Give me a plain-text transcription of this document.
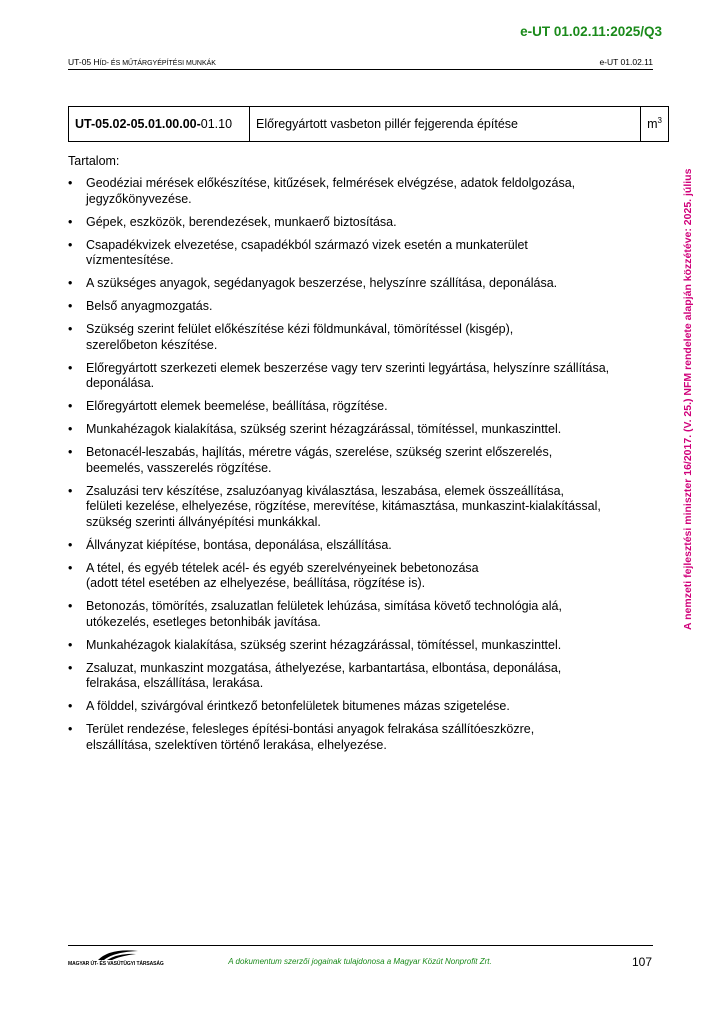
e-UT 01.02.11:2025/Q3
UT-05 HÍD- ÉS MŰTÁRGYÉPÍTÉSI MUNKÁK	e-UT 01.02.11
UT-05.02-05.01.00.00-01.10	Előregyártott vasbeton pillér fejgerenda építése	$m^3$
A nemzeti fejlesztési miniszter 16/2017. (V. 25.) NFM rendelete alapján közzétéve: 2025. július
Tartalom:
• Geodéziai mérések előkészítése, kitűzések, felmérések elvégzése, adatok feldolgozása,
jegyzőkönyvezése.
• Gépek, eszközök, berendezések, munkaerő biztosítása.
• Csapadékvizek elvezetése, csapadékból származó vizek esetén a munkaterület
vízmentesítése.
• A szükséges anyagok, segédanyagok beszerzése, helyszínre szállítása, deponálása.
• Belső anyagmozgatás.
• Szükség szerint felület előkészítése kézi földmunkával, tömörítéssel (kisgép),
szerelőbeton készítése.
• Előregyártott szerkezeti elemek beszerzése vagy terv szerinti legyártása, helyszínre szállítása,
deponálása.
• Előregyártott elemek beemelése, beállítása, rögzítése.
• Munkahézagok kialakítása, szükség szerint hézagzárással, tömítéssel, munkaszinttel.
• Betonacél-leszabás, hajlítás, méretre vágás, szerelése, szükség szerint előszerelés,
beemelés, vasszerelés rögzítése.
• Zsaluzási terv készítése, zsaluzóanyag kiválasztása, leszabása, elemek összeállítása,
felületi kezelése, elhelyezése, rögzítése, merevítése, kitámasztása, munkaszint-kialakítással,
szükség szerinti állványépítési munkákkal.
• Állványzat kiépítése, bontása, deponálása, elszállítása.
• A tétel, és egyéb tételek acél- és egyéb szerelvényeinek bebetonozása
(adott tétel esetében az elhelyezése, beállítása, rögzítése is).
• Betonozás, tömörítés, zsaluzatlan felületek lehúzása, simítása követő technológia alá,
utókezelés, esetleges betonhibák javítása.
• Munkahézagok kialakítása, szükség szerint hézagzárással, tömítéssel, munkaszinttel.
• Zsaluzat, munkaszint mozgatása, áthelyezése, karbantartása, elbontása, deponálása,
felrakása, elszállítása, lerakása.
• A földdel, szivárgóval érintkező betonfelületek bitumenes mázas szigetelése.
• Terület rendezése, felesleges építési-bontási anyagok felrakása szállítóeszközre,
elszállítása, szelektíven történő lerakása, elhelyezése.
MAGYAR ÚT- ÉS VASÚTÜGYI TÁRSASÁG	A dokumentum szerzői jogainak tulajdonosa a Magyar Közút Nonprofit Zrt.	107
